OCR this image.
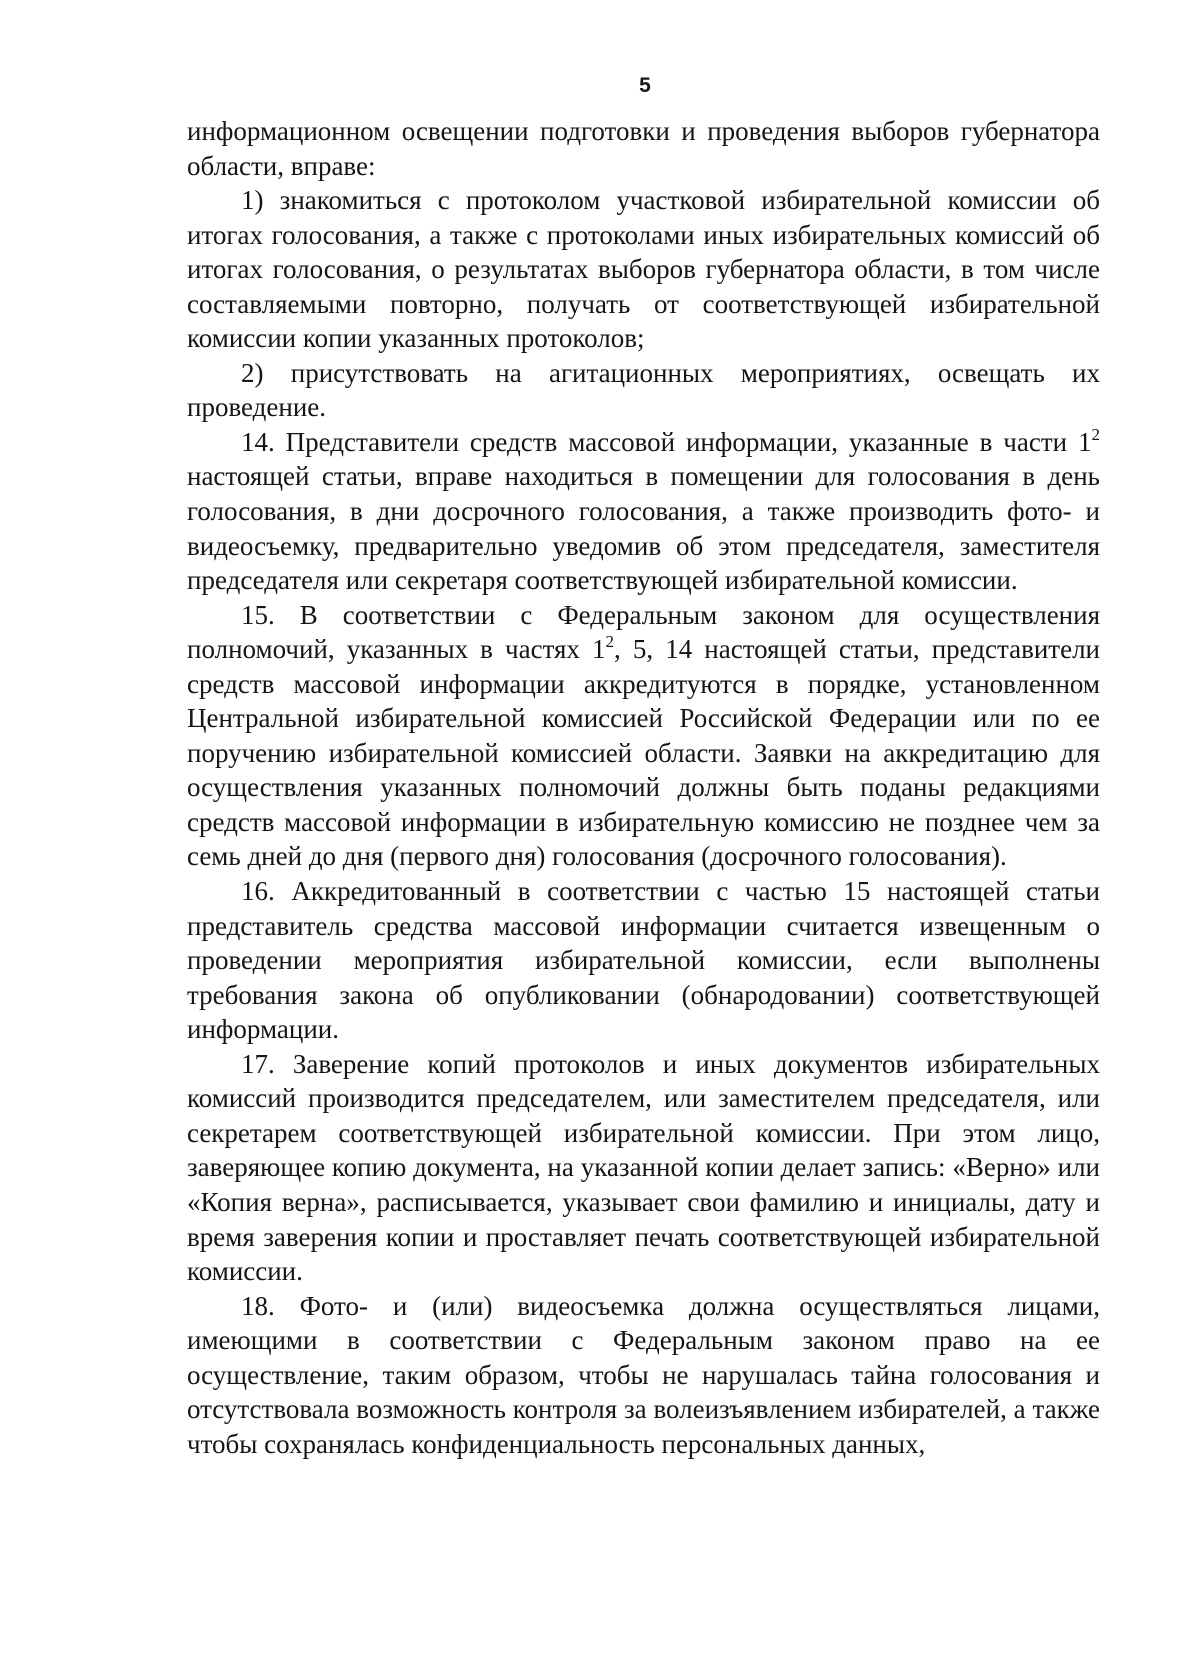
5

информационном освещении подготовки и проведения выборов губернатора области, вправе:

1) знакомиться с протоколом участковой избирательной комиссии об итогах голосования, а также с протоколами иных избирательных комиссий об итогах голосования, о результатах выборов губернатора области, в том числе составляемыми повторно, получать от соответствующей избирательной комиссии копии указанных протоколов;

2) присутствовать на агитационных мероприятиях, освещать их проведение.

14. Представители средств массовой информации, указанные в части $1^2$ настоящей статьи, вправе находиться в помещении для голосования в день голосования, в дни досрочного голосования, а также производить фото- и видеосъемку, предварительно уведомив об этом председателя, заместителя председателя или секретаря соответствующей избирательной комиссии.

15. В соответствии с Федеральным законом для осуществления полномочий, указанных в частях $1^2$, 5, 14 настоящей статьи, представители средств массовой информации аккредитуются в порядке, установленном Центральной избирательной комиссией Российской Федерации или по ее поручению избирательной комиссией области. Заявки на аккредитацию для осуществления указанных полномочий должны быть поданы редакциями средств массовой информации в избирательную комиссию не позднее чем за семь дней до дня (первого дня) голосования (досрочного голосования).

16. Аккредитованный в соответствии с частью 15 настоящей статьи представитель средства массовой информации считается извещенным о проведении мероприятия избирательной комиссии, если выполнены требования закона об опубликовании (обнародовании) соответствующей информации.

17. Заверение копий протоколов и иных документов избирательных комиссий производится председателем, или заместителем председателя, или секретарем соответствующей избирательной комиссии. При этом лицо, заверяющее копию документа, на указанной копии делает запись: «Верно» или «Копия верна», расписывается, указывает свои фамилию и инициалы, дату и время заверения копии и проставляет печать соответствующей избирательной комиссии.

18. Фото- и (или) видеосъемка должна осуществляться лицами, имеющими в соответствии с Федеральным законом право на ее осуществление, таким образом, чтобы не нарушалась тайна голосования и отсутствовала возможность контроля за волеизъявлением избирателей, а также чтобы сохранялась конфиденциальность персональных данных,
